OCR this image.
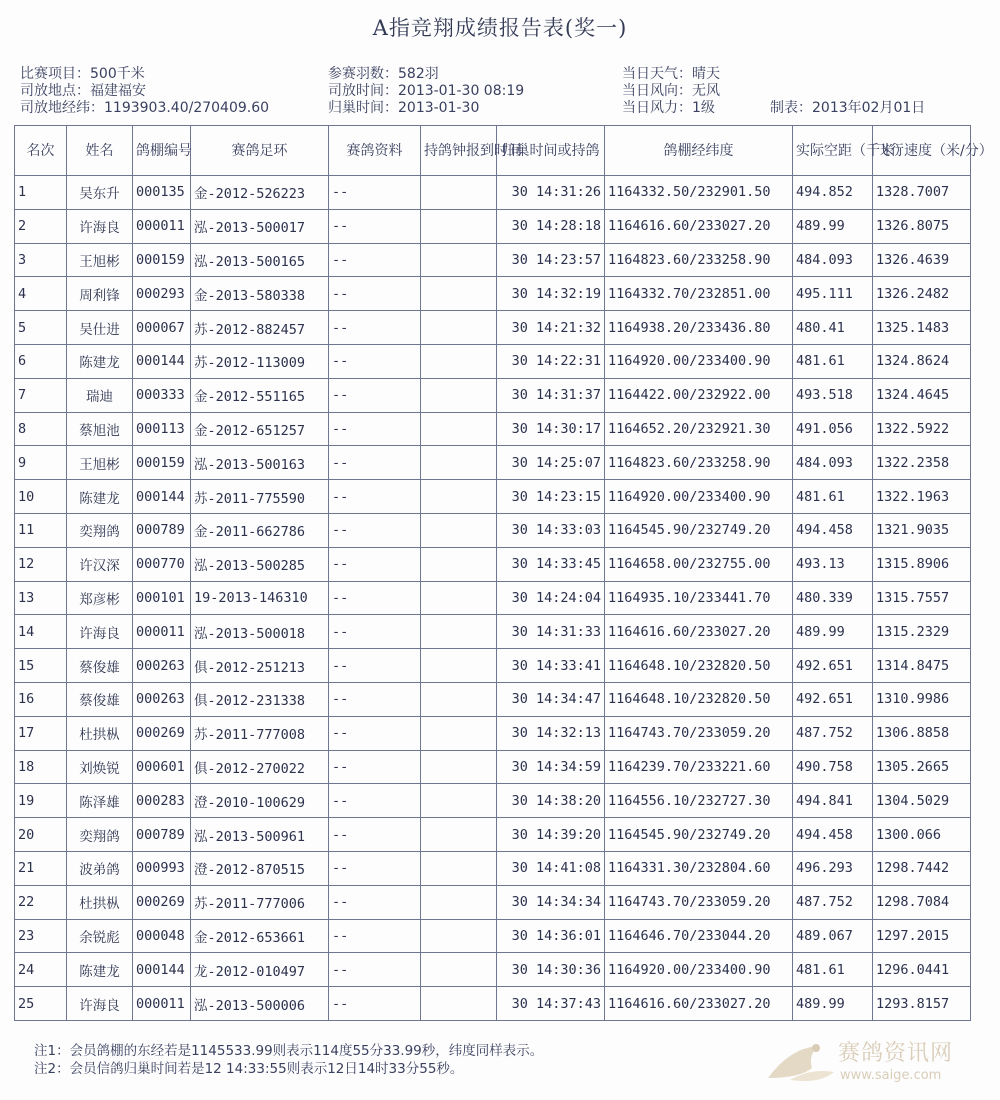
A指竞翔成绩报告表(奖一)
比赛项目：500千米
司放地点：福建福安
司放地经纬：1193903.40/270409.60
参赛羽数：582羽
司放时间：2013-01-30 08:19
归巢时间：2013-01-30
当日天气：晴天
当日风向：无风
当日风力：1级	制表：2013年02月01日
名次	姓名	鸽棚编号	赛鸽足环	赛鸽资料	持鸽钟报到时间	归巢时间或持鸽	鸽棚经纬度	实际空距（千米）	飞行速度（米/分）
1	吴东升	000135	金-2012-526223	--		30 14:31:26	1164332.50/232901.50	494.852	1328.7007
2	许海良	000011	泓-2013-500017	--		30 14:28:18	1164616.60/233027.20	489.99	1326.8075
3	王旭彬	000159	泓-2013-500165	--		30 14:23:57	1164823.60/233258.90	484.093	1326.4639
4	周利锋	000293	金-2013-580338	--		30 14:32:19	1164332.70/232851.00	495.111	1326.2482
5	吴仕进	000067	苏-2012-882457	--		30 14:21:32	1164938.20/233436.80	480.41	1325.1483
6	陈建龙	000144	苏-2012-113009	--		30 14:22:31	1164920.00/233400.90	481.61	1324.8624
7	瑞迪	000333	金-2012-551165	--		30 14:31:37	1164422.00/232922.00	493.518	1324.4645
8	蔡旭池	000113	金-2012-651257	--		30 14:30:17	1164652.20/232921.30	491.056	1322.5922
9	王旭彬	000159	泓-2013-500163	--		30 14:25:07	1164823.60/233258.90	484.093	1322.2358
10	陈建龙	000144	苏-2011-775590	--		30 14:23:15	1164920.00/233400.90	481.61	1322.1963
11	奕翔鸽	000789	金-2011-662786	--		30 14:33:03	1164545.90/232749.20	494.458	1321.9035
12	许汉深	000770	泓-2013-500285	--		30 14:33:45	1164658.00/232755.00	493.13	1315.8906
13	郑彦彬	000101	19-2013-146310	--		30 14:24:04	1164935.10/233441.70	480.339	1315.7557
14	许海良	000011	泓-2013-500018	--		30 14:31:33	1164616.60/233027.20	489.99	1315.2329
15	蔡俊雄	000263	俱-2012-251213	--		30 14:33:41	1164648.10/232820.50	492.651	1314.8475
16	蔡俊雄	000263	俱-2012-231338	--		30 14:34:47	1164648.10/232820.50	492.651	1310.9986
17	杜拱枞	000269	苏-2011-777008	--		30 14:32:13	1164743.70/233059.20	487.752	1306.8858
18	刘焕锐	000601	俱-2012-270022	--		30 14:34:59	1164239.70/233221.60	490.758	1305.2665
19	陈泽雄	000283	澄-2010-100629	--		30 14:38:20	1164556.10/232727.30	494.841	1304.5029
20	奕翔鸽	000789	泓-2013-500961	--		30 14:39:20	1164545.90/232749.20	494.458	1300.066
21	波弟鸽	000993	澄-2012-870515	--		30 14:41:08	1164331.30/232804.60	496.293	1298.7442
22	杜拱枞	000269	苏-2011-777006	--		30 14:34:34	1164743.70/233059.20	487.752	1298.7084
23	余锐彪	000048	金-2012-653661	--		30 14:36:01	1164646.70/233044.20	489.067	1297.2015
24	陈建龙	000144	龙-2012-010497	--		30 14:30:36	1164920.00/233400.90	481.61	1296.0441
25	许海良	000011	泓-2013-500006	--		30 14:37:43	1164616.60/233027.20	489.99	1293.8157
注1：会员鸽棚的东经若是1145533.99则表示114度55分33.99秒，纬度同样表示。
注2：会员信鸽归巢时间若是12 14:33:55则表示12日14时33分55秒。
赛鸽资讯网
www.saige.com
